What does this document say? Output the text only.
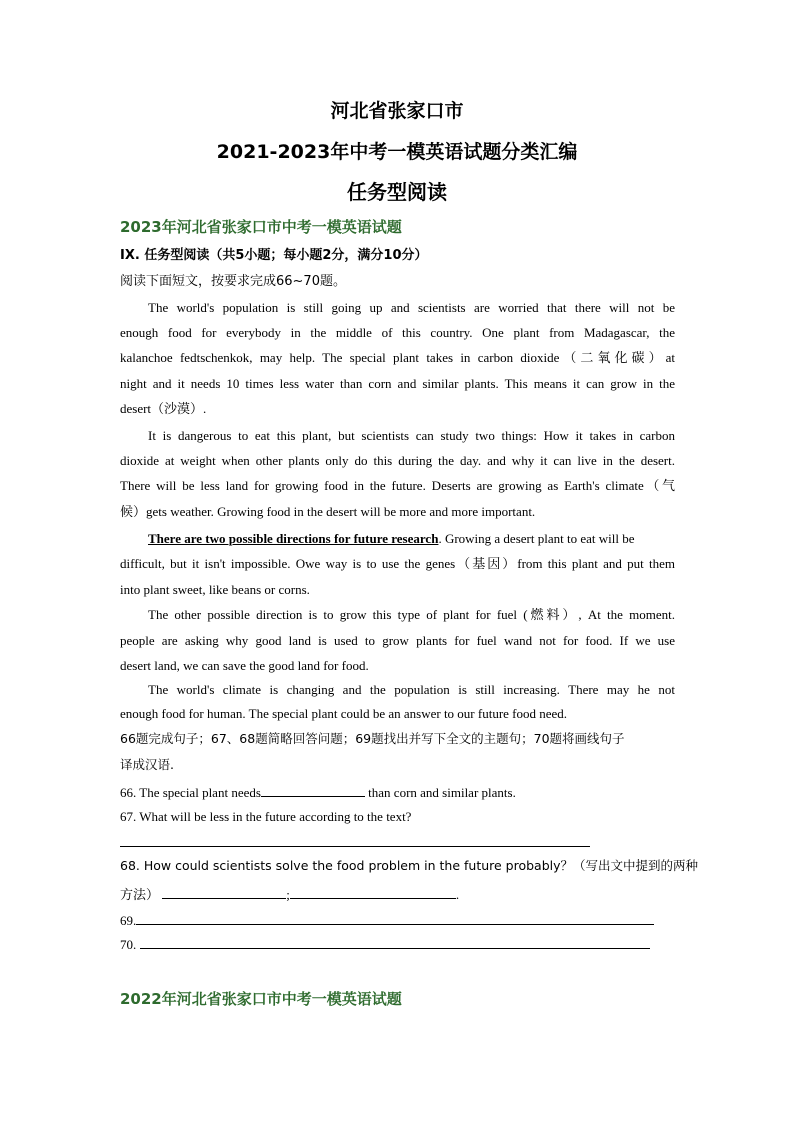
河北省张家口市
2021-2023年中考一模英语试题分类汇编
任务型阅读
2023年河北省张家口市中考一模英语试题
IX. 任务型阅读（共5小题；每小题2分，满分10分）
阅读下面短文，按要求完成66~70题。
The world's population is still going up and scientists are worried that there will not be
enough food for everybody in the middle of this country. One plant from Madagascar, the
kalanchoe fedtschenkok, may help. The special plant takes in carbon dioxide（二氧化碳）at
night and it needs 10 times less water than corn and similar plants. This means it can grow in the
desert（沙漠）.
It is dangerous to eat this plant, but scientists can study two things: How it takes in carbon
dioxide at weight when other plants only do this during the day. and why it can live in the desert.
There will be less land for growing food in the future. Deserts are growing as Earth's climate（气
候）gets weather. Growing food in the desert will be more and more important.
There are two possible directions for future research. Growing a desert plant to eat will be
difficult, but it isn't impossible. Owe way is to use the genes（基因）from this plant and put them
into plant sweet, like beans or corns.
The other possible direction is to grow this type of plant for fuel (燃料）, At the moment.
people are asking why good land is used to grow plants for fuel wand not for food. If we use
desert land, we can save the good land for food.
The world's climate is changing and the population is still increasing. There may he not
enough food for human. The special plant could be an answer to our future food need.
66题完成句子；67、68题简略回答问题；69题找出并写下全文的主题句；70题将画线句子
译成汉语.
66. The special plant needs	than corn and similar plants.
67. What will be less in the future according to the text?
68. How could scientists solve the food problem in the future probably？（写出文中提到的两种
方法）	;	.
69.
70.
2022年河北省张家口市中考一模英语试题
